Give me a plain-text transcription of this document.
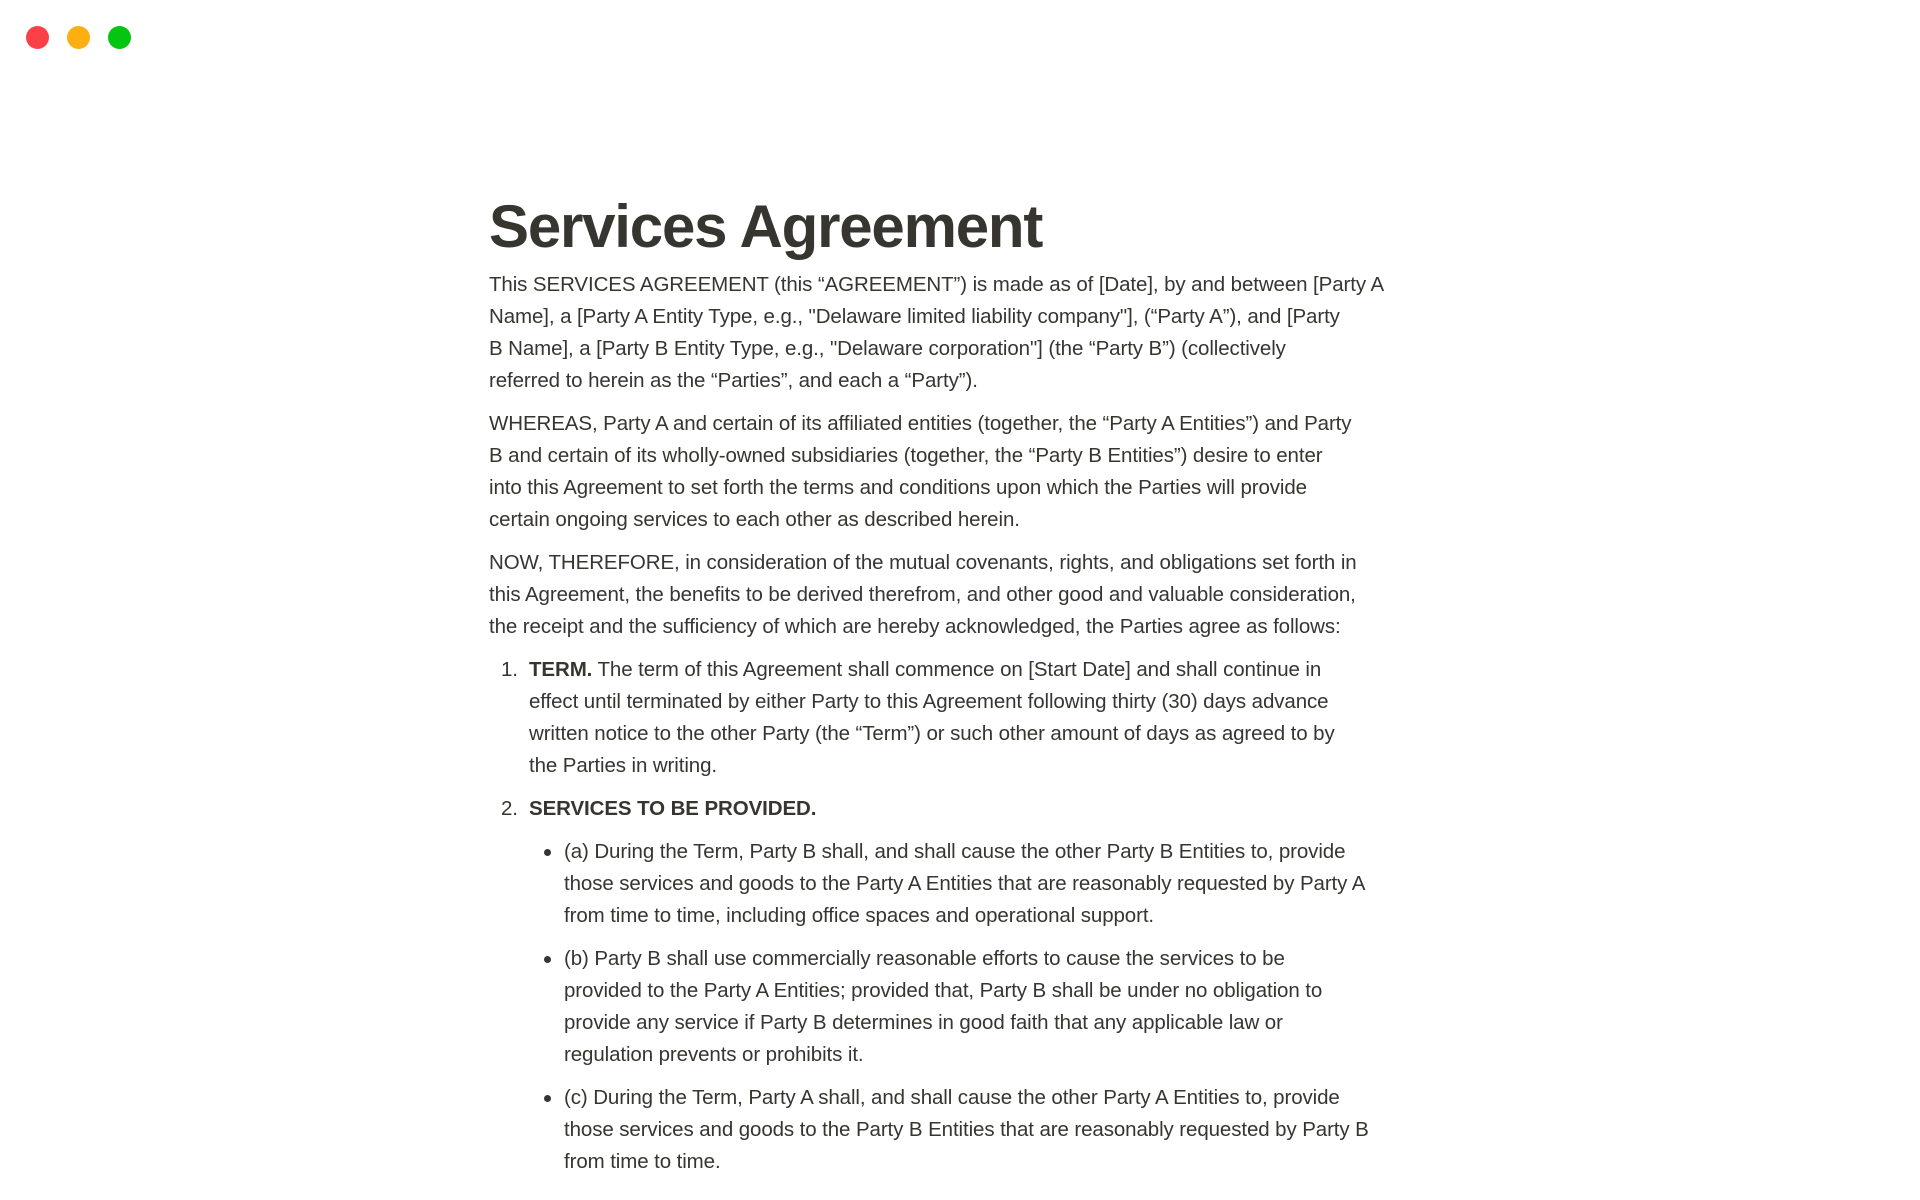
Services Agreement
This SERVICES AGREEMENT (this “AGREEMENT”) is made as of [Date], by and between [Party A
Name], a [Party A Entity Type, e.g., "Delaware limited liability company"], (“Party A”), and [Party
B Name], a [Party B Entity Type, e.g., "Delaware corporation"] (the “Party B”) (collectively
referred to herein as the “Parties”, and each a “Party”).
WHEREAS, Party A and certain of its affiliated entities (together, the “Party A Entities”) and Party
B and certain of its wholly-owned subsidiaries (together, the “Party B Entities”) desire to enter
into this Agreement to set forth the terms and conditions upon which the Parties will provide
certain ongoing services to each other as described herein.
NOW, THEREFORE, in consideration of the mutual covenants, rights, and obligations set forth in
this Agreement, the benefits to be derived therefrom, and other good and valuable consideration,
the receipt and the sufficiency of which are hereby acknowledged, the Parties agree as follows:
1. TERM. The term of this Agreement shall commence on [Start Date] and shall continue in
effect until terminated by either Party to this Agreement following thirty (30) days advance
written notice to the other Party (the “Term”) or such other amount of days as agreed to by
the Parties in writing.
2. SERVICES TO BE PROVIDED.
(a) During the Term, Party B shall, and shall cause the other Party B Entities to, provide
those services and goods to the Party A Entities that are reasonably requested by Party A
from time to time, including office spaces and operational support.
(b) Party B shall use commercially reasonable efforts to cause the services to be
provided to the Party A Entities; provided that, Party B shall be under no obligation to
provide any service if Party B determines in good faith that any applicable law or
regulation prevents or prohibits it.
(c) During the Term, Party A shall, and shall cause the other Party A Entities to, provide
those services and goods to the Party B Entities that are reasonably requested by Party B
from time to time.
